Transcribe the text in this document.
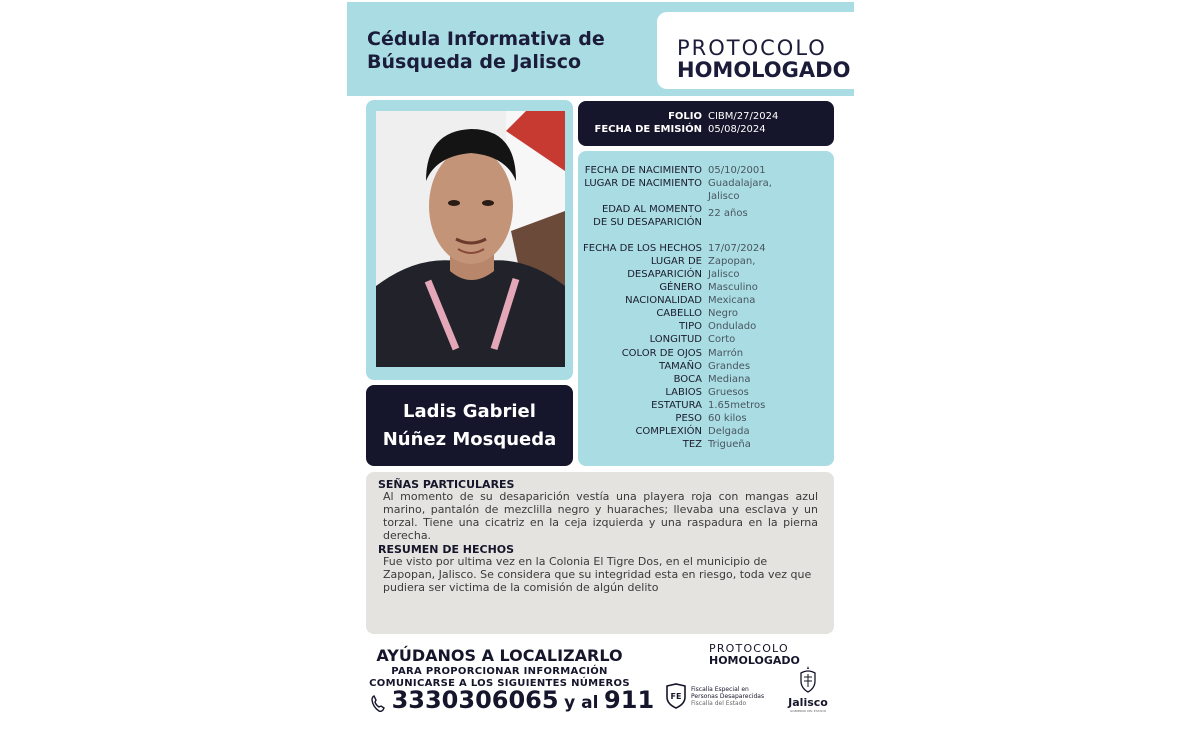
Cédula Informativa de
Búsqueda de Jalisco
PROTOCOLO
HOMOLOGADO
Ladis Gabriel
Núñez Mosqueda
FOLIO CIBM/27/2024
FECHA DE EMISIÓN 05/08/2024
FECHA DE NACIMIENTO 05/10/2001
LUGAR DE NACIMIENTO Guadalajara,
Jalisco
EDAD AL MOMENTO
DE SU DESAPARICIÓN
22 años
FECHA DE LOS HECHOS 17/07/2024
LUGAR DE DESAPARICIÓN
Zapopan,
Jalisco
GÉNERO Masculino
NACIONALIDAD Mexicana
CABELLO Negro
TIPO Ondulado
LONGITUD Corto
COLOR DE OJOS Marrón
TAMAÑO Grandes
BOCA Mediana
LABIOS Gruesos
ESTATURA 1.65metros
PESO 60 kilos
COMPLEXIÓN Delgada
TEZ Trigueña
SEÑAS PARTICULARES
Al momento de su desaparición vestía una playera roja con mangas azul marino, pantalón de mezclilla negro y huaraches; llevaba una esclava y un torzal. Tiene una cicatriz en la ceja izquierda y una raspadura en la pierna derecha.
RESUMEN DE HECHOS
Fue visto por ultima vez en la Colonia El Tigre Dos, en el municipio de Zapopan, Jalisco. Se considera que su integridad esta en riesgo, toda vez que pudiera ser victima de la comisión de algún delito
AYÚDANOS A LOCALIZARLO
PARA PROPORCIONAR INFORMACIÓN
COMUNICARSE A LOS SIGUIENTES NÚMEROS
3330306065 y al 911
PROTOCOLO
HOMOLOGADO
FE
Fiscalía Especial en
Personas Desaparecidas
Fiscalía del Estado	Jalisco
GOBIERNO DEL ESTADO
